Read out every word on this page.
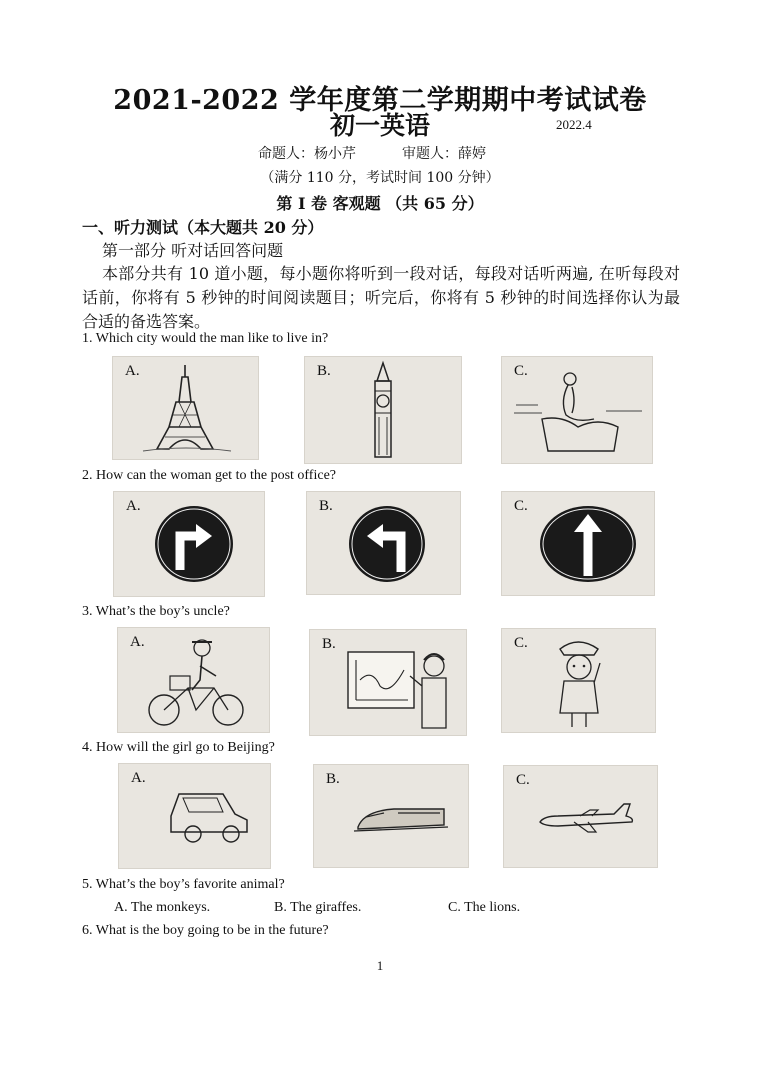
2021-2022 学年度第二学期期中考试试卷
初一英语	2022.4
命题人：杨小芹	审题人：薛婷
（满分 110 分，考试时间 100 分钟）
第 I 卷 客观题 （共 65 分）
一、听力测试（本大题共 20 分）
第一部分 听对话回答问题
本部分共有 10 道小题，每小题你将听到一段对话，每段对话听两遍, 在听每段对话前，你将有 5 秒钟的时间阅读题目；听完后，你将有 5 秒钟的时间选择你认为最合适的备选答案。
1. Which city would the man like to live in?
A.	B.	C.
2. How can the woman get to the post office?
A.	B.	C.
3. What’s the boy’s uncle?
A.	B.	C.
4. How will the girl go to Beijing?
A.	B.	C.
5. What’s the boy’s favorite animal?
A. The monkeys.	B. The giraffes.	C. The lions.
6. What is the boy going to be in the future?
1
